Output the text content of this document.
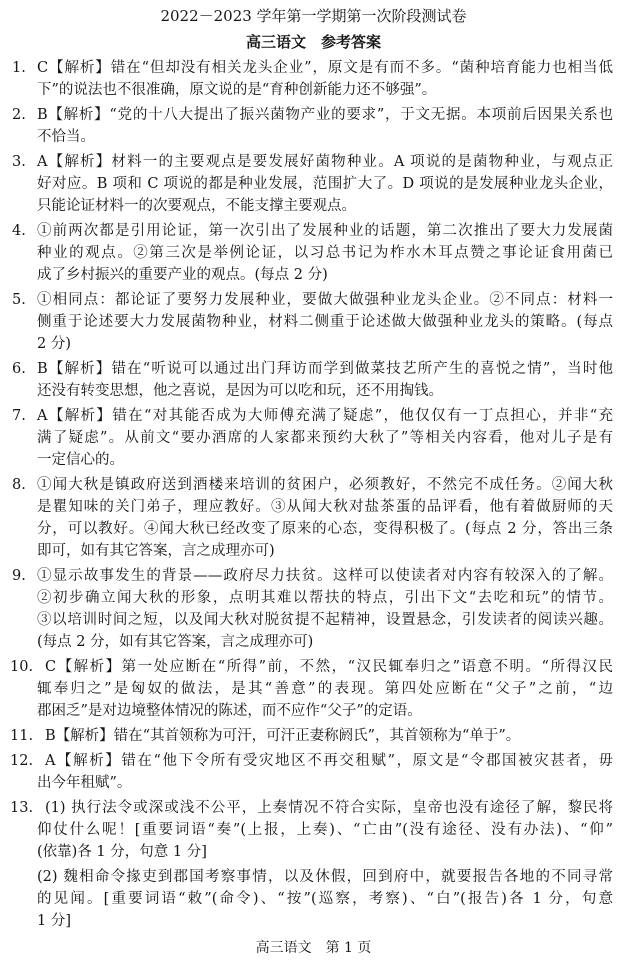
2022－2023 学年第一学期第一次阶段测试卷
高三语文　参考答案
1. C【解析】错在“但却没有相关龙头企业”，原文是有而不多。“菌种培育能力也相当低
下”的说法也不很准确，原文说的是“育种创新能力还不够强”。
2. B【解析】“党的十八大提出了振兴菌物产业的要求”，于文无据。本项前后因果关系也
不恰当。
3. A【解析】材料一的主要观点是要发展好菌物种业。A 项说的是菌物种业，与观点正
好对应。B 项和 C 项说的都是种业发展，范围扩大了。D 项说的是发展种业龙头企业，
只能论证材料一的次要观点，不能支撑主要观点。
4. ①前两次都是引用论证，第一次引出了发展种业的话题，第二次推出了要大力发展菌
种业的观点。②第三次是举例论证，以习总书记为柞水木耳点赞之事论证食用菌已
成了乡村振兴的重要产业的观点。(每点 2 分)
5. ①相同点：都论证了要努力发展种业，要做大做强种业龙头企业。②不同点：材料一
侧重于论述要大力发展菌物种业，材料二侧重于论述做大做强种业龙头的策略。(每点
2 分)
6. B【解析】错在“听说可以通过出门拜访而学到做菜技艺所产生的喜悦之情”，当时他
还没有转变思想，他之喜说，是因为可以吃和玩，还不用掏钱。
7. A【解析】错在“对其能否成为大师傅充满了疑虑”，他仅仅有一丁点担心，并非“充
满了疑虑”。从前文“要办酒席的人家都来预约大秋了”等相关内容看，他对儿子是有
一定信心的。
8. ①闻大秋是镇政府送到酒楼来培训的贫困户，必须教好，不然完不成任务。②闻大秋
是瞿知味的关门弟子，理应教好。③从闻大秋对盐茶蛋的品评看，他有着做厨师的天
分，可以教好。④闻大秋已经改变了原来的心态，变得积极了。(每点 2 分，答出三条
即可，如有其它答案，言之成理亦可)
9. ①显示故事发生的背景——政府尽力扶贫。这样可以使读者对内容有较深入的了解。
②初步确立闻大秋的形象，点明其难以帮扶的特点，引出下文“去吃和玩”的情节。
③以培训时间之短，以及闻大秋对脱贫提不起精神，设置悬念，引发读者的阅读兴趣。
(每点 2 分，如有其它答案，言之成理亦可)
10. C【解析】第一处应断在“所得”前，不然，“汉民辄奉归之”语意不明。“所得汉民
辄奉归之”是匈奴的做法，是其“善意”的表现。第四处应断在“父子”之前，“边
郡困乏”是对边境整体情况的陈述，而不应作“父子”的定语。
11. B【解析】错在“其首领称为可汗，可汗正妻称阏氏”，其首领称为“单于”。
12. A【解析】错在“他下令所有受灾地区不再交租赋”，原文是“令郡国被灾甚者，毋
出今年租赋”。
13. (1) 执行法令或深或浅不公平，上奏情况不符合实际，皇帝也没有途径了解，黎民将
仰仗什么呢！[重要词语“奏”(上报，上奏)、“亡由”(没有途径、没有办法)、“仰”
(依靠)各 1 分，句意 1 分]
(2) 魏相命令掾吏到郡国考察事情，以及休假，回到府中，就要报告各地的不同寻常
的见闻。[重要词语“敕”(命令)、“按”(巡察，考察)、“白”(报告)各 1 分，句意
1 分]
高三语文　第 1 页
